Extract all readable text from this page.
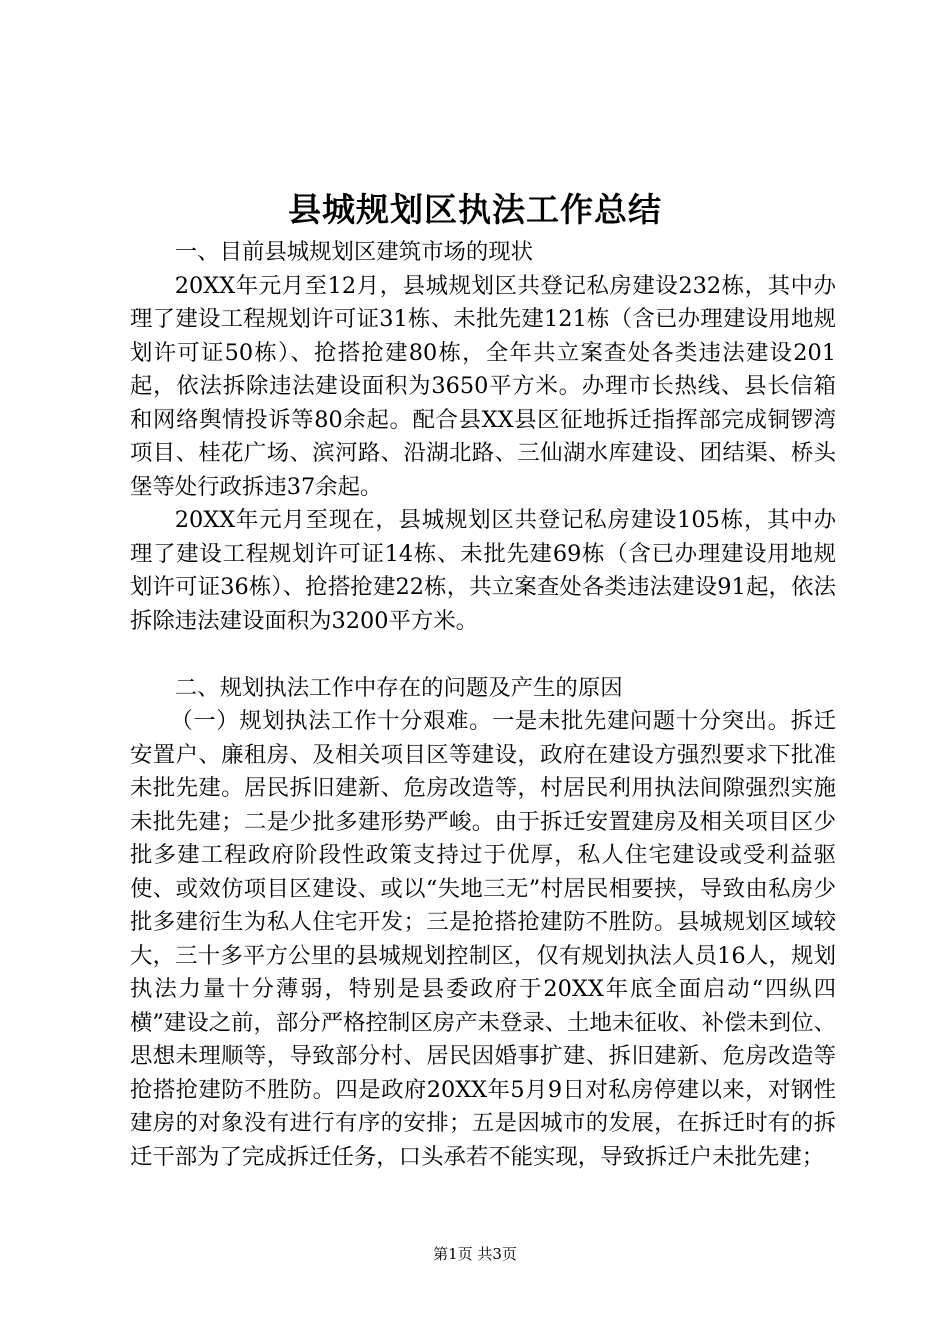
县城规划区执法工作总结

一、目前县城规划区建筑市场的现状

20XX年元月至12月，县城规划区共登记私房建设232栋，其中办理了建设工程规划许可证31栋、未批先建121栋（含已办理建设用地规划许可证50栋）、抢搭抢建80栋，全年共立案查处各类违法建设201起，依法拆除违法建设面积为3650平方米。办理市长热线、县长信箱和网络舆情投诉等80余起。配合县XX县区征地拆迁指挥部完成铜锣湾项目、桂花广场、滨河路、沿湖北路、三仙湖水库建设、团结渠、桥头堡等处行政拆违37余起。

20XX年元月至现在，县城规划区共登记私房建设105栋，其中办理了建设工程规划许可证14栋、未批先建69栋（含已办理建设用地规划许可证36栋）、抢搭抢建22栋，共立案查处各类违法建设91起，依法拆除违法建设面积为3200平方米。

二、规划执法工作中存在的问题及产生的原因

（一）规划执法工作十分艰难。一是未批先建问题十分突出。拆迁安置户、廉租房、及相关项目区等建设，政府在建设方强烈要求下批准未批先建。居民拆旧建新、危房改造等，村居民利用执法间隙强烈实施未批先建；二是少批多建形势严峻。由于拆迁安置建房及相关项目区少批多建工程政府阶段性政策支持过于优厚，私人住宅建设或受利益驱使、或效仿项目区建设、或以“失地三无”村居民相要挟，导致由私房少批多建衍生为私人住宅开发；三是抢搭抢建防不胜防。县城规划区域较大，三十多平方公里的县城规划控制区，仅有规划执法人员16人，规划执法力量十分薄弱，特别是县委政府于20XX年底全面启动“四纵四横”建设之前，部分严格控制区房产未登录、土地未征收、补偿未到位、思想未理顺等，导致部分村、居民因婚事扩建、拆旧建新、危房改造等抢搭抢建防不胜防。四是政府20XX年5月9日对私房停建以来，对钢性建房的对象没有进行有序的安排；五是因城市的发展，在拆迁时有的拆迁干部为了完成拆迁任务，口头承若不能实现，导致拆迁户未批先建；

第1页 共3页
